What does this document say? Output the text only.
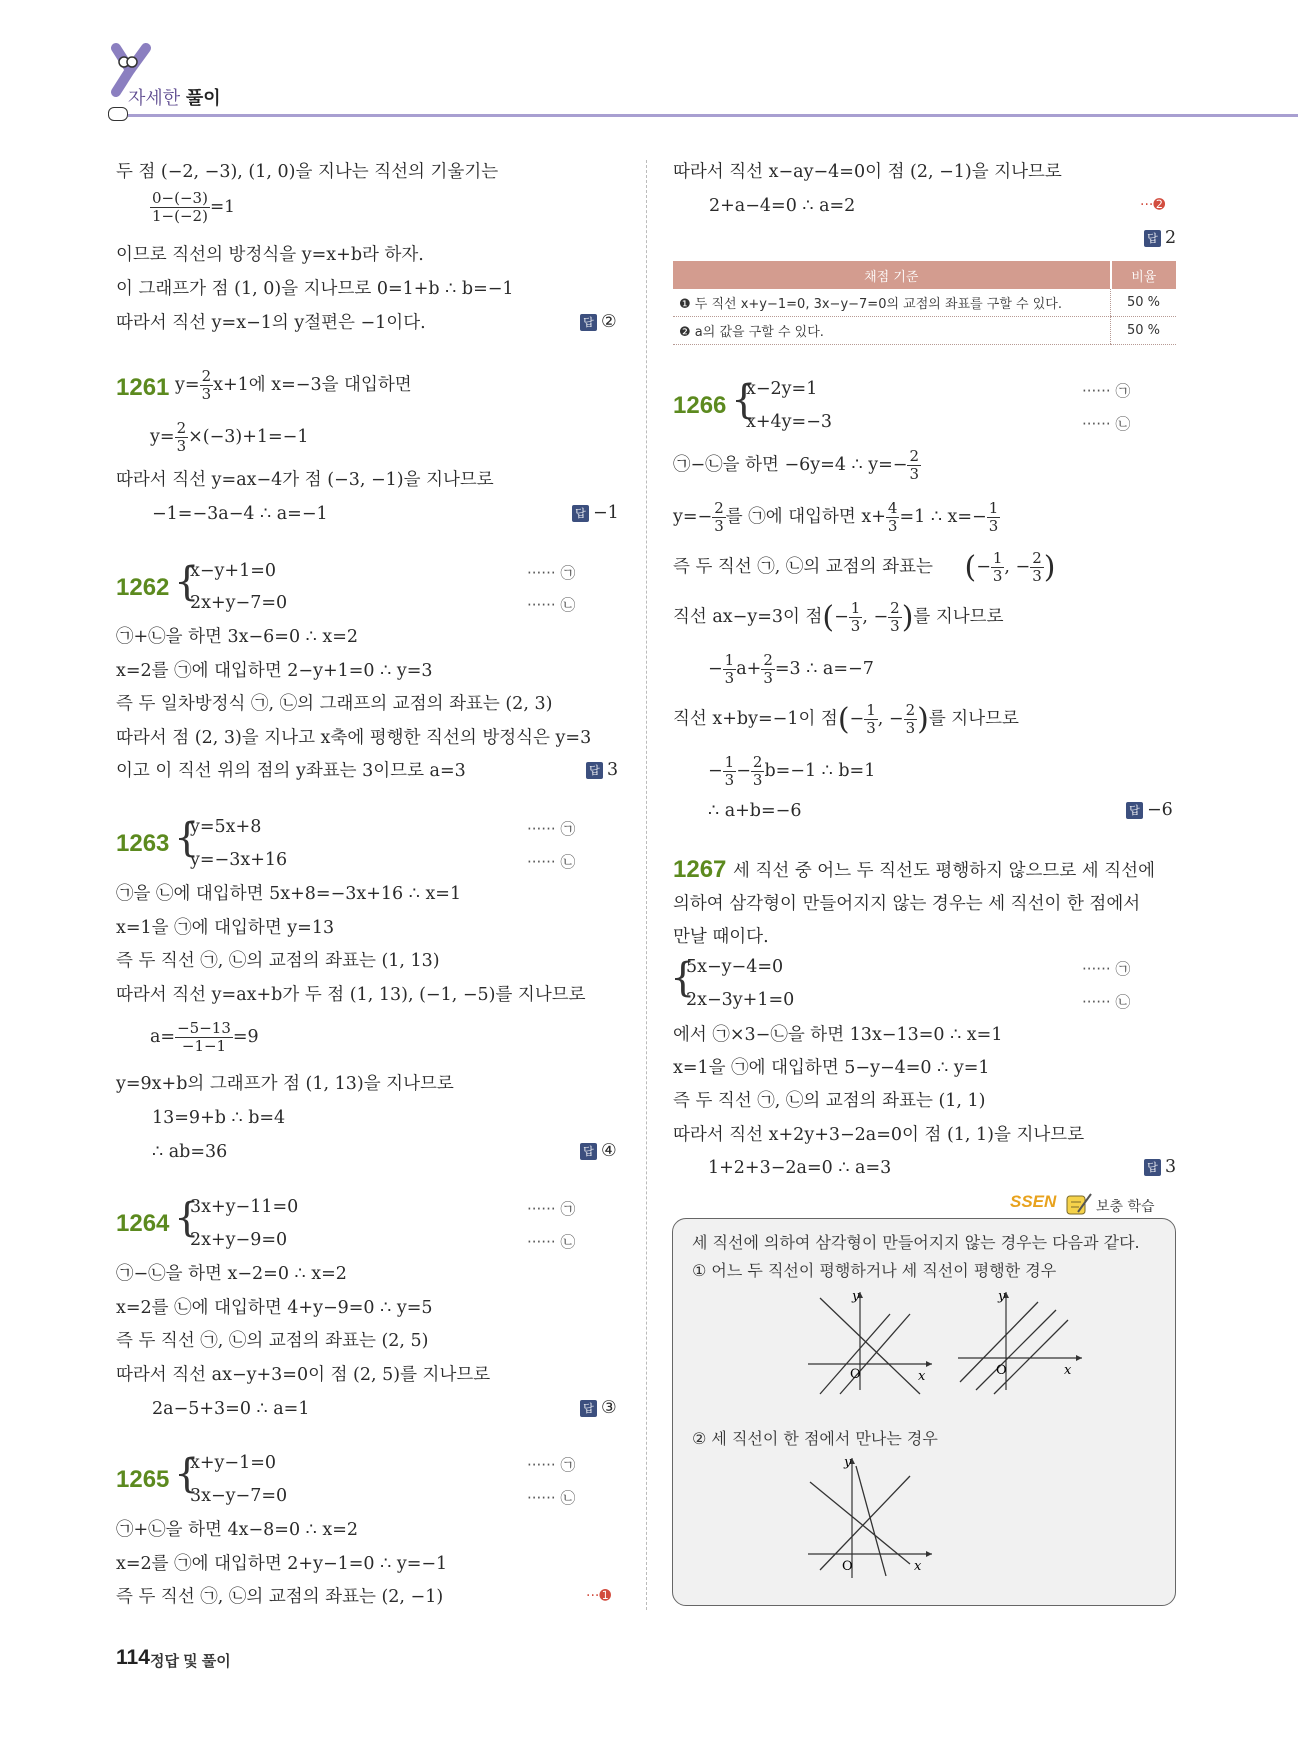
자세한 풀이
두 점 (−2, −3), (1, 0)을 지나는 직선의 기울기는
$\frac{0-(-3)}{1-(-2)} =1$
이므로 직선의 방정식을 y=x+b라 하자.
이 그래프가 점 (1, 0)을 지나므로 0=1+b ∴ b=−1
따라서 직선 y=x−1의 y절편은 −1이다.	답 ②
1261 $y= \frac{2}{3} x+1$에 x=−3을 대입하면
$y= \frac{2}{3} \times(-3)+1=-1$
따라서 직선 y=ax−4가 점 (−3, −1)을 지나므로
−1=−3a−4 ∴ a=−1	답 −1
1262 {
x−y+1=0
2x+y−7=0
······ ㉠
······ ㉡
㉠+㉡을 하면 3x−6=0 ∴ x=2
x=2를 ㉠에 대입하면 2−y+1=0 ∴ y=3
즉 두 일차방정식 ㉠, ㉡의 그래프의 교점의 좌표는 (2, 3)
따라서 점 (2, 3)을 지나고 x축에 평행한 직선의 방정식은 y=3
이고 이 직선 위의 점의 y좌표는 3이므로 a=3	답 3
1263 {
y=5x+8
y=−3x+16
······ ㉠
······ ㉡
㉠을 ㉡에 대입하면 5x+8=−3x+16 ∴ x=1
x=1을 ㉠에 대입하면 y=13
즉 두 직선 ㉠, ㉡의 교점의 좌표는 (1, 13)
따라서 직선 y=ax+b가 두 점 (1, 13), (−1, −5)를 지나므로
$a= \frac{-5-13}{-1-1} =9$
y=9x+b의 그래프가 점 (1, 13)을 지나므로
13=9+b ∴ b=4
∴ ab=36	답 ④
1264 {
3x+y−11=0
2x+y−9=0
······ ㉠
······ ㉡
㉠−㉡을 하면 x−2=0 ∴ x=2
x=2를 ㉡에 대입하면 4+y−9=0 ∴ y=5
즉 두 직선 ㉠, ㉡의 교점의 좌표는 (2, 5)
따라서 직선 ax−y+3=0이 점 (2, 5)를 지나므로
2a−5+3=0 ∴ a=1	답 ③
1265 {
x+y−1=0
3x−y−7=0
······ ㉠
······ ㉡
㉠+㉡을 하면 4x−8=0 ∴ x=2
x=2를 ㉠에 대입하면 2+y−1=0 ∴ y=−1
즉 두 직선 ㉠, ㉡의 교점의 좌표는 (2, −1)	···➊
따라서 직선 x−ay−4=0이 점 (2, −1)을 지나므로
2+a−4=0 ∴ a=2	···➋
답 2
채점 기준	비율
❶ 두 직선 x+y−1=0, 3x−y−7=0의 교점의 좌표를 구할 수 있다.	50 %
❷ a의 값을 구할 수 있다.	50 %
1266 {
x−2y=1
x+4y=−3
······ ㉠
······ ㉡
㉠−㉡을 하면 −6y=4 ∴ $y=- \frac{2}{3}$
$y=- \frac{2}{3}$ 를 ㉠에 대입하면 $x+ \frac{4}{3} =1$ ∴ $x=- \frac{1}{3}$
즉 두 직선 ㉠, ㉡의 교점의 좌표는 (− $\frac{1}{3}$ , − $\frac{2}{3}$ )
직선 ax−y=3이 점(− $\frac{1}{3}$ , − $\frac{2}{3}$ )를 지나므로
− $\frac{1}{3} a+ \frac{2}{3} =3$ ∴ a=−7
직선 x+by=−1이 점(− $\frac{1}{3}$ , − $\frac{2}{3}$ )를 지나므로
− $\frac{1}{3} - \frac{2}{3} b=-1$ ∴ b=1
∴ a+b=−6	답 −6
1267 세 직선 중 어느 두 직선도 평행하지 않으므로 세 직선에
의하여 삼각형이 만들어지지 않는 경우는 세 직선이 한 점에서
만날 때이다.
{
5x−y−4=0
2x−3y+1=0
······ ㉠
······ ㉡
에서 ㉠×3−㉡을 하면 13x−13=0 ∴ x=1
x=1을 ㉠에 대입하면 5−y−4=0 ∴ y=1
즉 두 직선 ㉠, ㉡의 교점의 좌표는 (1, 1)
따라서 직선 x+2y+3−2a=0이 점 (1, 1)을 지나므로
1+2+3−2a=0 ∴ a=3	답 3
SSEN	보충 학습
세 직선에 의하여 삼각형이 만들어지지 않는 경우는 다음과 같다.
① 어느 두 직선이 평행하거나 세 직선이 평행한 경우
O	x
y
O	x
y
② 세 직선이 한 점에서 만나는 경우
O	x
y
114 정답 및 풀이
